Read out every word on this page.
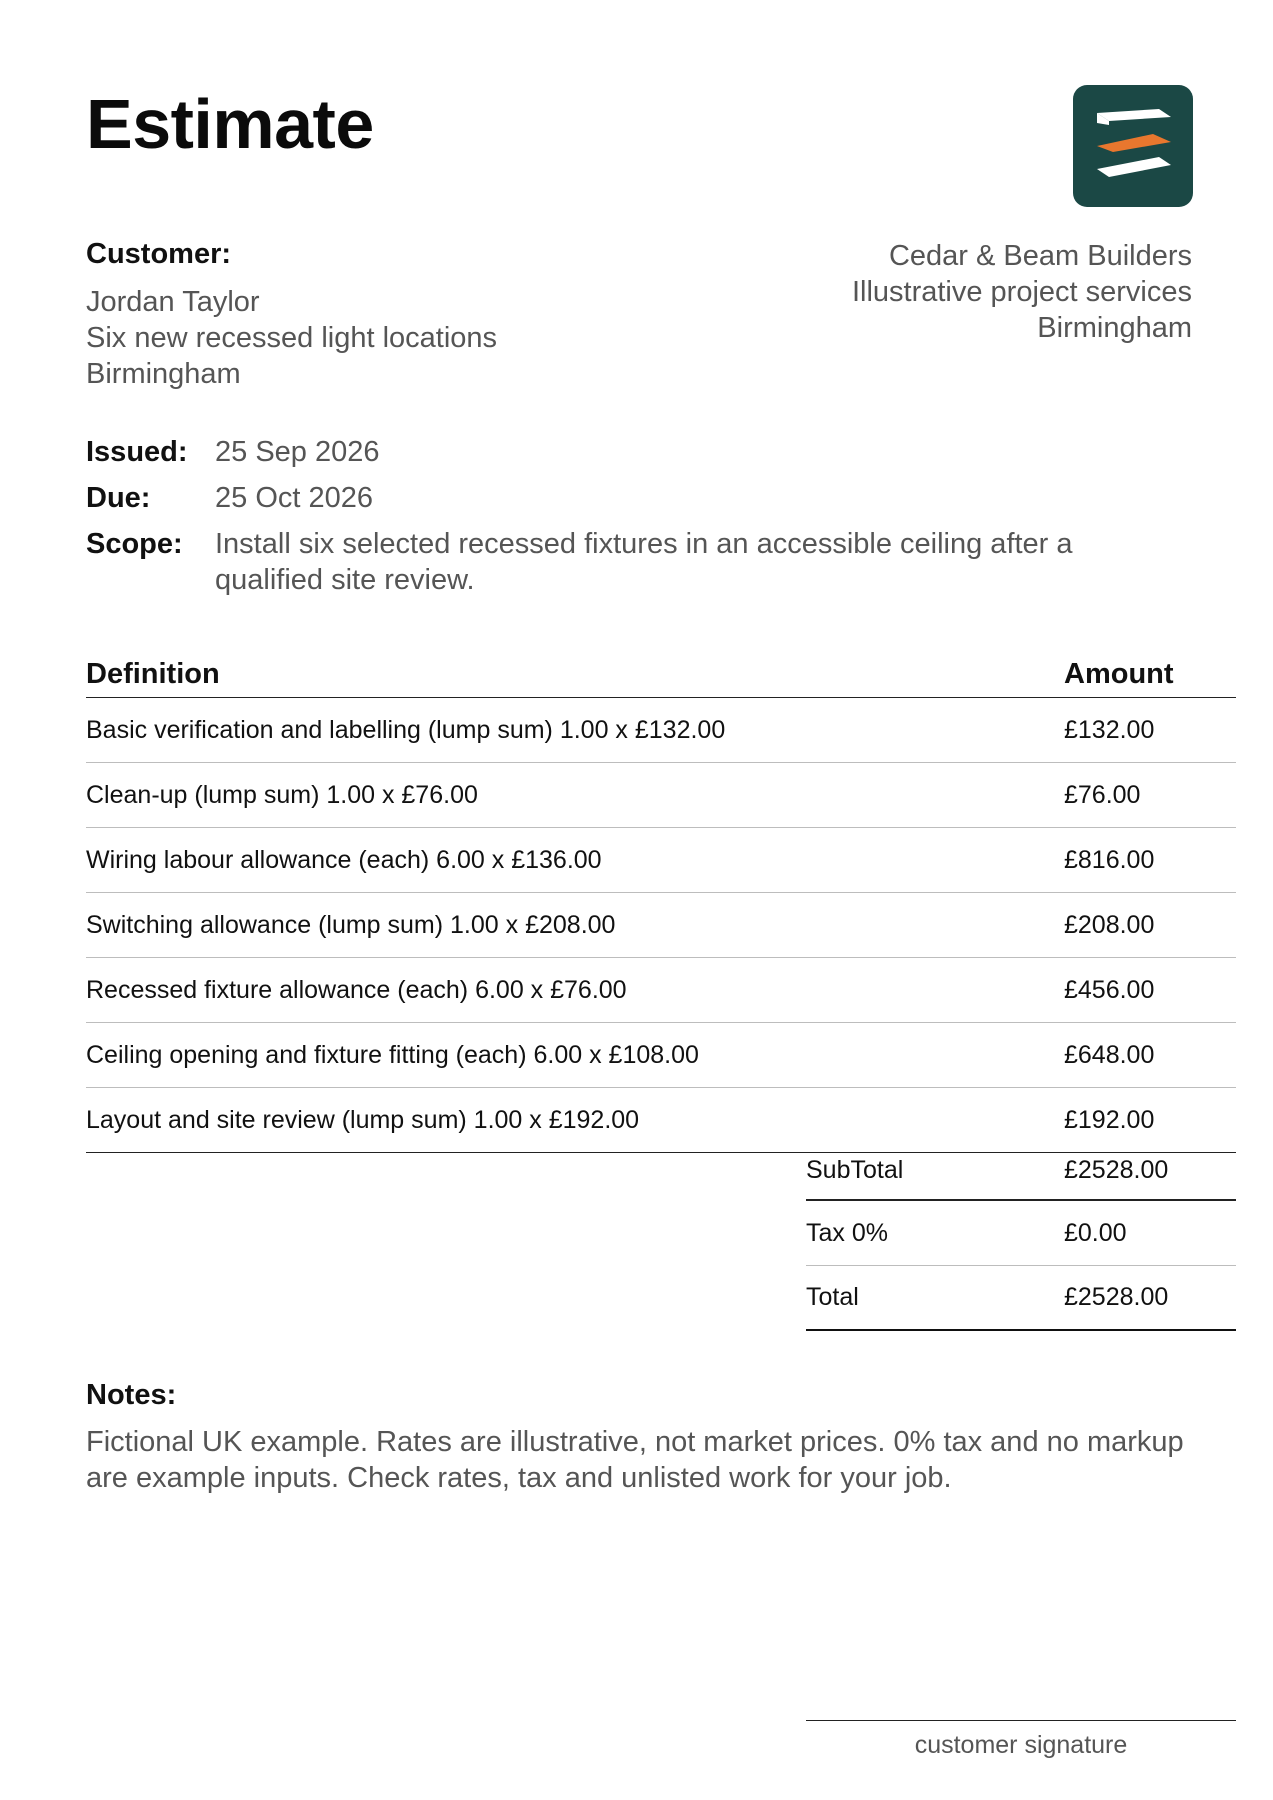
Estimate
Customer:
Jordan Taylor
Six new recessed light locations
Birmingham
Cedar & Beam Builders
Illustrative project services
Birmingham
Issued: 25 Sep 2026
Due:	25 Oct 2026
Scope:	Install six selected recessed fixtures in an accessible ceiling after a qualified site review.
Definition	Amount
Basic verification and labelling (lump sum) 1.00 x £132.00	£132.00
Clean-up (lump sum) 1.00 x £76.00	£76.00
Wiring labour allowance (each) 6.00 x £136.00	£816.00
Switching allowance (lump sum) 1.00 x £208.00	£208.00
Recessed fixture allowance (each) 6.00 x £76.00	£456.00
Ceiling opening and fixture fitting (each) 6.00 x £108.00	£648.00
Layout and site review (lump sum) 1.00 x £192.00	£192.00
SubTotal	£2528.00
Tax 0%	£0.00
Total	£2528.00
Notes:
Fictional UK example. Rates are illustrative, not market prices. 0% tax and no markup are example inputs. Check rates, tax and unlisted work for your job.
customer signature
